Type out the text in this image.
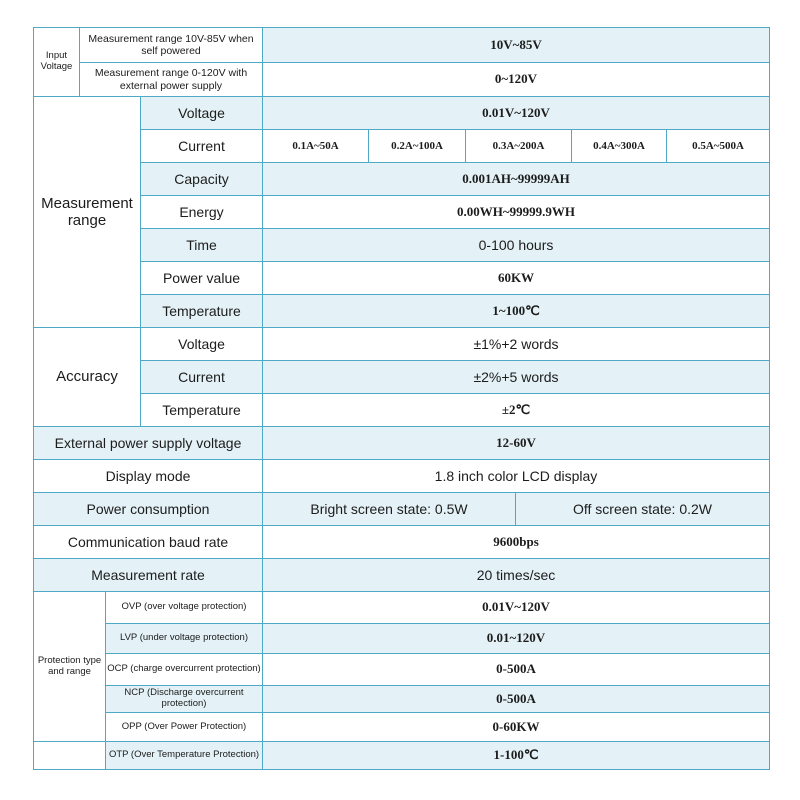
Input Voltage
Measurement range 10V-85V when self powered	10V~85V
Measurement range 0-120V with external power supply	0~120V
Measurement range
Voltage	0.01V~120V
Current	0.1A~50A	0.2A~100A	0.3A~200A	0.4A~300A	0.5A~500A
Capacity	0.001AH~99999AH
Energy	0.00WH~99999.9WH
Time	0-100 hours
Power value	60KW
Temperature	1~100℃
Accuracy
Voltage	±1%+2 words
Current	±2%+5 words
Temperature	±2℃
External power supply voltage	12-60V
Display mode	1.8 inch color LCD display
Power consumption	Bright screen state: 0.5W	Off screen state: 0.2W
Communication baud rate	9600bps
Measurement rate	20 times/sec
Protection type and range
OVP (over voltage protection)	0.01V~120V
LVP (under voltage protection)	0.01~120V
OCP (charge overcurrent protection)	0-500A
NCP (Discharge overcurrent protection)	0-500A
OPP (Over Power Protection)	0-60KW
OTP (Over Temperature Protection)	1-100℃
